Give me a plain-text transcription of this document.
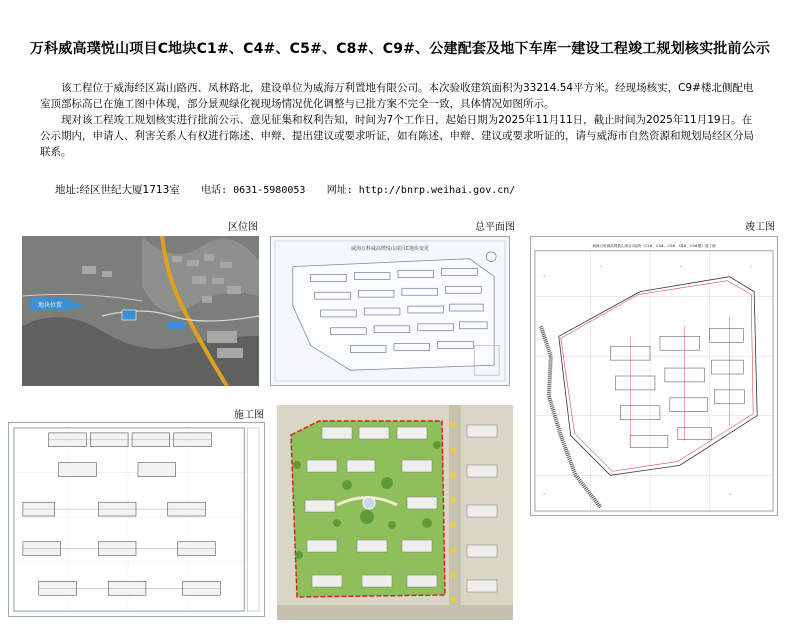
万科威高璞悦山项目C地块C1#、C4#、C5#、C8#、C9#、公建配套及地下车库一建设工程竣工规划核实批前公示

该工程位于威海经区嵩山路西、凤林路北，建设单位为威海万利置地有限公司。本次验收建筑面积为33214.54平方米。经现场核实，C9#楼北侧配电室顶部标高已在施工图中体现，部分景观绿化视现场情况优化调整与已批方案不完全一致，具体情况如图所示。

现对该工程竣工规划核实进行批前公示、意见征集和权利告知，时间为7个工作日，起始日期为2025年11月11日，截止时间为2025年11月19日。在公示期内，申请人、利害关系人有权进行陈述、申辩、提出建议或要求听证，如有陈述、申辩、建议或要求听证的，请与威海市自然资源和规划局经区分局联系。

地址:经区世纪大厦1713室 电话: 0631-5980053 网址: http://bnrp.weihai.gov.cn/
区位图	总平面图	竣工图
施工图
地块位置
威海万科威高璞悦山项目C地块变更	威海万科威高璞悦山项目C地块（C1#、C4#、C5#、C8#、C9#楼）竣工图
+
+	+	+
+	+
